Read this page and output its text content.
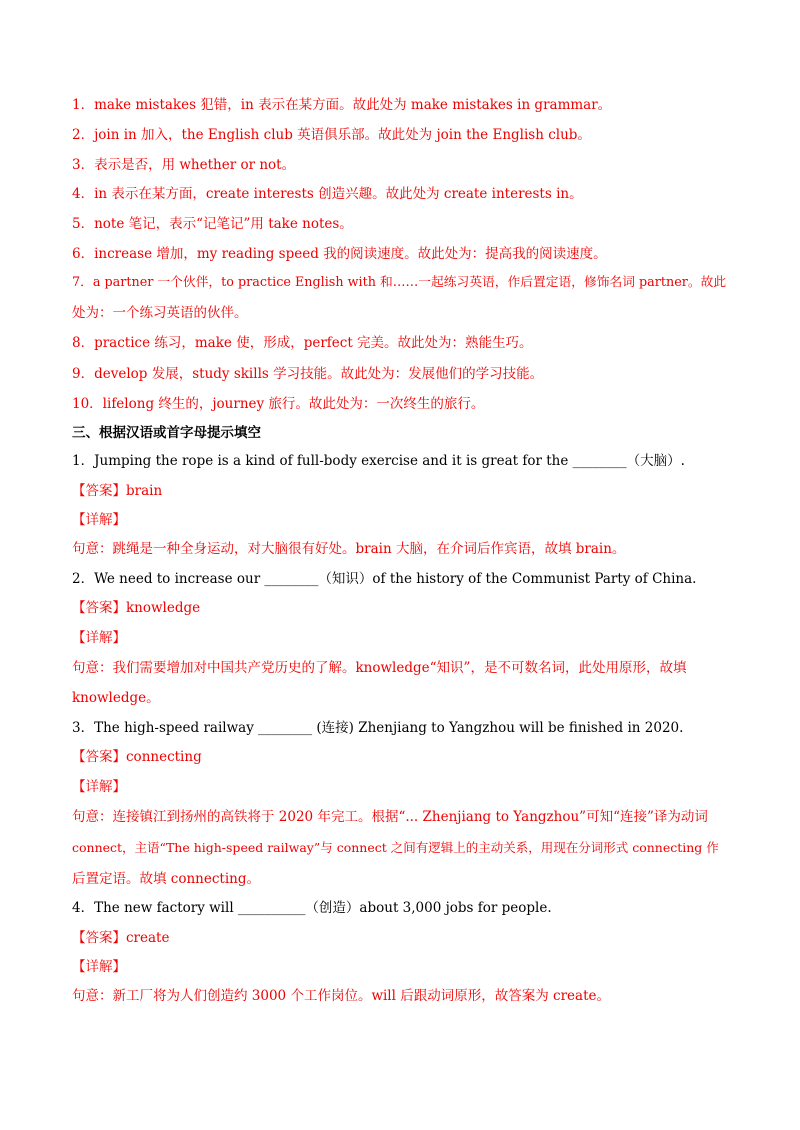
1．make mistakes 犯错，in 表示在某方面。故此处为 make mistakes in grammar。
2．join in 加入，the English club 英语俱乐部。故此处为 join the English club。
3．表示是否，用 whether or not。
4．in 表示在某方面，create interests 创造兴趣。故此处为 create interests in。
5．note 笔记，表示“记笔记”用 take notes。
6．increase 增加，my reading speed 我的阅读速度。故此处为：提高我的阅读速度。
7．a partner 一个伙伴，to practice English with 和……一起练习英语，作后置定语，修饰名词 partner。故此
处为：一个练习英语的伙伴。
8．practice 练习，make 使，形成，perfect 完美。故此处为：熟能生巧。
9．develop 发展，study skills 学习技能。故此处为：发展他们的学习技能。
10．lifelong 终生的，journey 旅行。故此处为：一次终生的旅行。
三、根据汉语或首字母提示填空
1．Jumping the rope is a kind of full-body exercise and it is great for the ________（大脑）.
【答案】brain
【详解】
句意：跳绳是一种全身运动，对大脑很有好处。brain 大脑，在介词后作宾语，故填 brain。
2．We need to increase our ________（知识）of the history of the Communist Party of China.
【答案】knowledge
【详解】
句意：我们需要增加对中国共产党历史的了解。knowledge“知识”，是不可数名词，此处用原形，故填
knowledge。
3．The high-speed railway ________ (连接) Zhenjiang to Yangzhou will be finished in 2020.
【答案】connecting
【详解】
句意：连接镇江到扬州的高铁将于 2020 年完工。根据“... Zhenjiang to Yangzhou”可知“连接”译为动词
connect，主语“The high-speed railway”与 connect 之间有逻辑上的主动关系，用现在分词形式 connecting 作
后置定语。故填 connecting。
4．The new factory will __________（创造）about 3,000 jobs for people.
【答案】create
【详解】
句意：新工厂将为人们创造约 3000 个工作岗位。will 后跟动词原形，故答案为 create。
